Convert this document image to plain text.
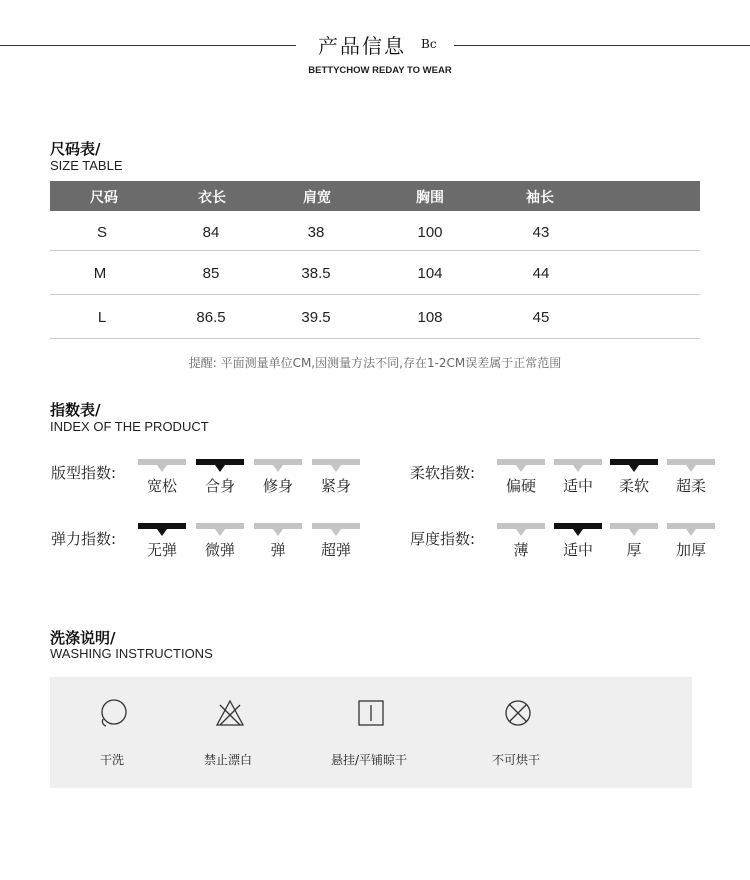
产品信息 Bc
BETTYCHOW REDAY TO WEAR
尺码表/
SIZE TABLE
尺码	衣长	肩宽	胸围	袖长
S	84	38	100	43
M	85	38.5	104	44
L	86.5	39.5	108	45
提醒: 平面测量单位CM,因测量方法不同,存在1-2CM误差属于正常范围
指数表/
INDEX OF THE PRODUCT
版型指数:
宽松	合身	修身	紧身
柔软指数:
偏硬	适中	柔软	超柔
弹力指数:
无弹	微弹	弹	超弹
厚度指数:
薄	适中	厚	加厚
洗涤说明/
WASHING INSTRUCTIONS
干洗	禁止漂白	悬挂/平铺晾干	不可烘干
